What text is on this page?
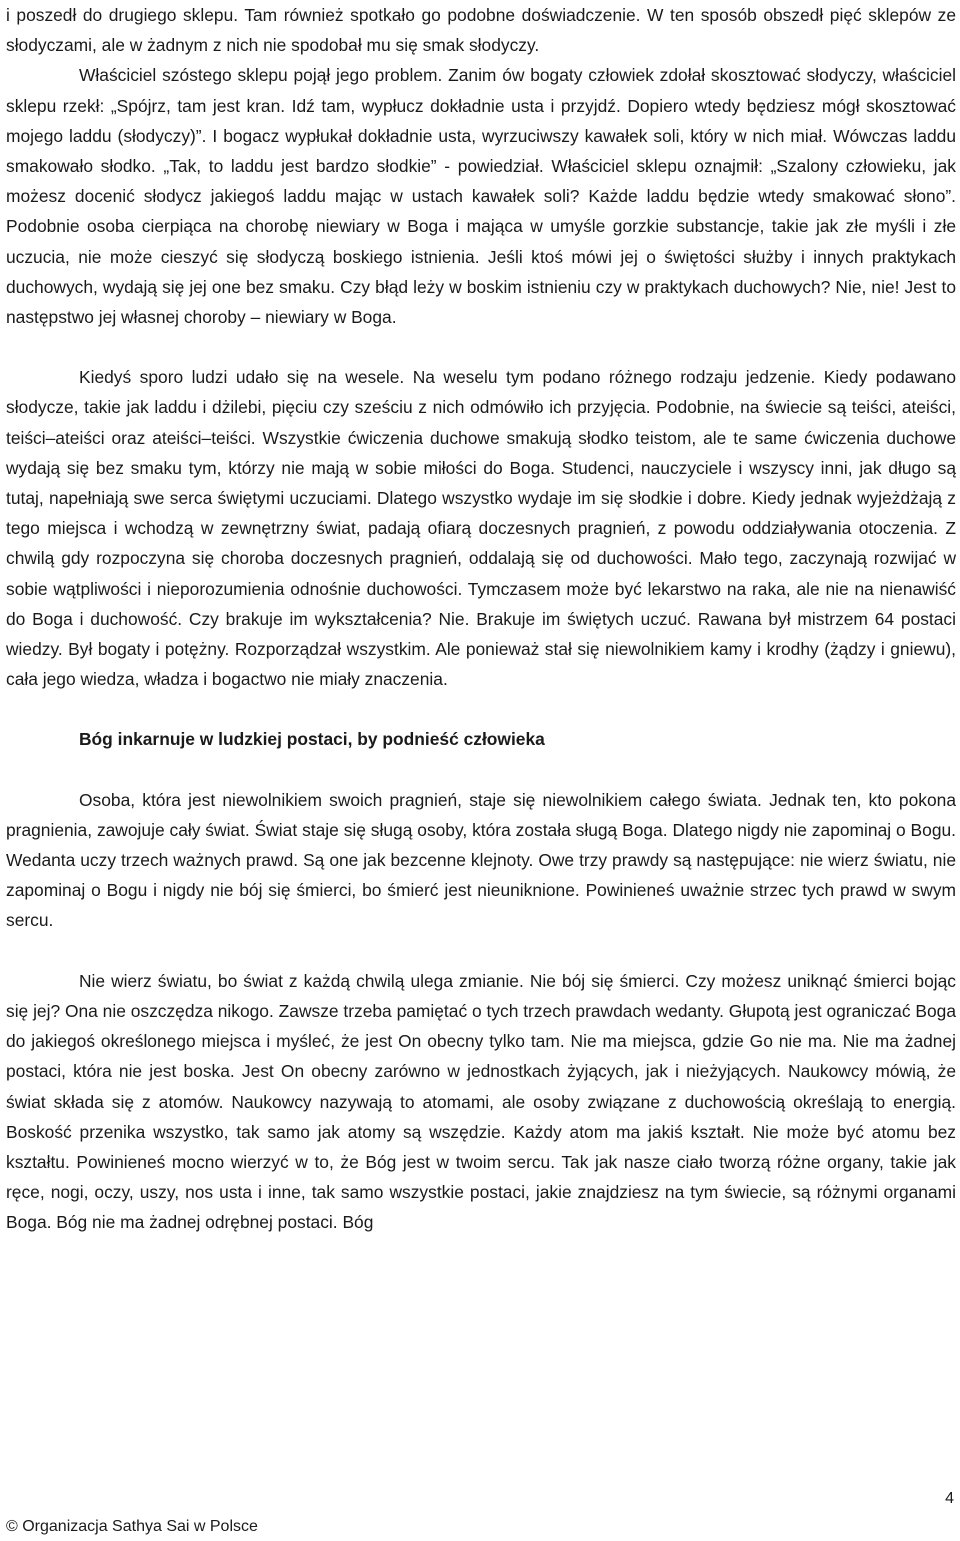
i poszedł do drugiego sklepu. Tam również spotkało go podobne doświadczenie. W ten sposób obszedł pięć sklepów ze słodyczami, ale w żadnym z nich nie spodobał mu się smak słodyczy.

Właściciel szóstego sklepu pojął jego problem. Zanim ów bogaty człowiek zdołał skosztować słodyczy, właściciel sklepu rzekł: „Spójrz, tam jest kran. Idź tam, wypłucz dokładnie usta i przyjdź. Dopiero wtedy będziesz mógł skosztować mojego laddu (słodyczy)”. I bogacz wypłukał dokładnie usta, wyrzuciwszy kawałek soli, który w nich miał. Wówczas laddu smakowało słodko. „Tak, to laddu jest bardzo słodkie” - powiedział. Właściciel sklepu oznajmił: „Szalony człowieku, jak możesz docenić słodycz jakiegoś laddu mając w ustach kawałek soli? Każde laddu będzie wtedy smakować słono”. Podobnie osoba cierpiąca na chorobę niewiary w Boga i mająca w umyśle gorzkie substancje, takie jak złe myśli i złe uczucia, nie może cieszyć się słodyczą boskiego istnienia. Jeśli ktoś mówi jej o świętości służby i innych praktykach duchowych, wydają się jej one bez smaku. Czy błąd leży w boskim istnieniu czy w praktykach duchowych? Nie, nie! Jest to następstwo jej własnej choroby – niewiary w Boga.

Kiedyś sporo ludzi udało się na wesele. Na weselu tym podano różnego rodzaju jedzenie. Kiedy podawano słodycze, takie jak laddu i dżilebi, pięciu czy sześciu z nich odmówiło ich przyjęcia. Podobnie, na świecie są teiści, ateiści, teiści–ateiści oraz ateiści–teiści. Wszystkie ćwiczenia duchowe smakują słodko teistom, ale te same ćwiczenia duchowe wydają się bez smaku tym, którzy nie mają w sobie miłości do Boga. Studenci, nauczyciele i wszyscy inni, jak długo są tutaj, napełniają swe serca świętymi uczuciami. Dlatego wszystko wydaje im się słodkie i dobre. Kiedy jednak wyjeżdżają z tego miejsca i wchodzą w zewnętrzny świat, padają ofiarą doczesnych pragnień, z powodu oddziaływania otoczenia. Z chwilą gdy rozpoczyna się choroba doczesnych pragnień, oddalają się od duchowości. Mało tego, zaczynają rozwijać w sobie wątpliwości i nieporozumienia odnośnie duchowości. Tymczasem może być lekarstwo na raka, ale nie na nienawiść do Boga i duchowość. Czy brakuje im wykształcenia? Nie. Brakuje im świętych uczuć. Rawana był mistrzem 64 postaci wiedzy. Był bogaty i potężny. Rozporządzał wszystkim. Ale ponieważ stał się niewolnikiem kamy i krodhy (żądzy i gniewu), cała jego wiedza, władza i bogactwo nie miały znaczenia.

Bóg inkarnuje w ludzkiej postaci, by podnieść człowieka

Osoba, która jest niewolnikiem swoich pragnień, staje się niewolnikiem całego świata. Jednak ten, kto pokona pragnienia, zawojuje cały świat. Świat staje się sługą osoby, która została sługą Boga. Dlatego nigdy nie zapominaj o Bogu. Wedanta uczy trzech ważnych prawd. Są one jak bezcenne klejnoty. Owe trzy prawdy są następujące: nie wierz światu, nie zapominaj o Bogu i nigdy nie bój się śmierci, bo śmierć jest nieuniknione. Powinieneś uważnie strzec tych prawd w swym sercu.

Nie wierz światu, bo świat z każdą chwilą ulega zmianie. Nie bój się śmierci. Czy możesz uniknąć śmierci bojąc się jej? Ona nie oszczędza nikogo. Zawsze trzeba pamiętać o tych trzech prawdach wedanty. Głupotą jest ograniczać Boga do jakiegoś określonego miejsca i myśleć, że jest On obecny tylko tam. Nie ma miejsca, gdzie Go nie ma. Nie ma żadnej postaci, która nie jest boska. Jest On obecny zarówno w jednostkach żyjących, jak i nieżyjących. Naukowcy mówią, że świat składa się z atomów. Naukowcy nazywają to atomami, ale osoby związane z duchowością określają to energią. Boskość przenika wszystko, tak samo jak atomy są wszędzie. Każdy atom ma jakiś kształt. Nie może być atomu bez kształtu. Powinieneś mocno wierzyć w to, że Bóg jest w twoim sercu. Tak jak nasze ciało tworzą różne organy, takie jak ręce, nogi, oczy, uszy, nos usta i inne, tak samo wszystkie postaci, jakie znajdziesz na tym świecie, są różnymi organami Boga. Bóg nie ma żadnej odrębnej postaci. Bóg

© Organizacja Sathya Sai w Polsce
4
